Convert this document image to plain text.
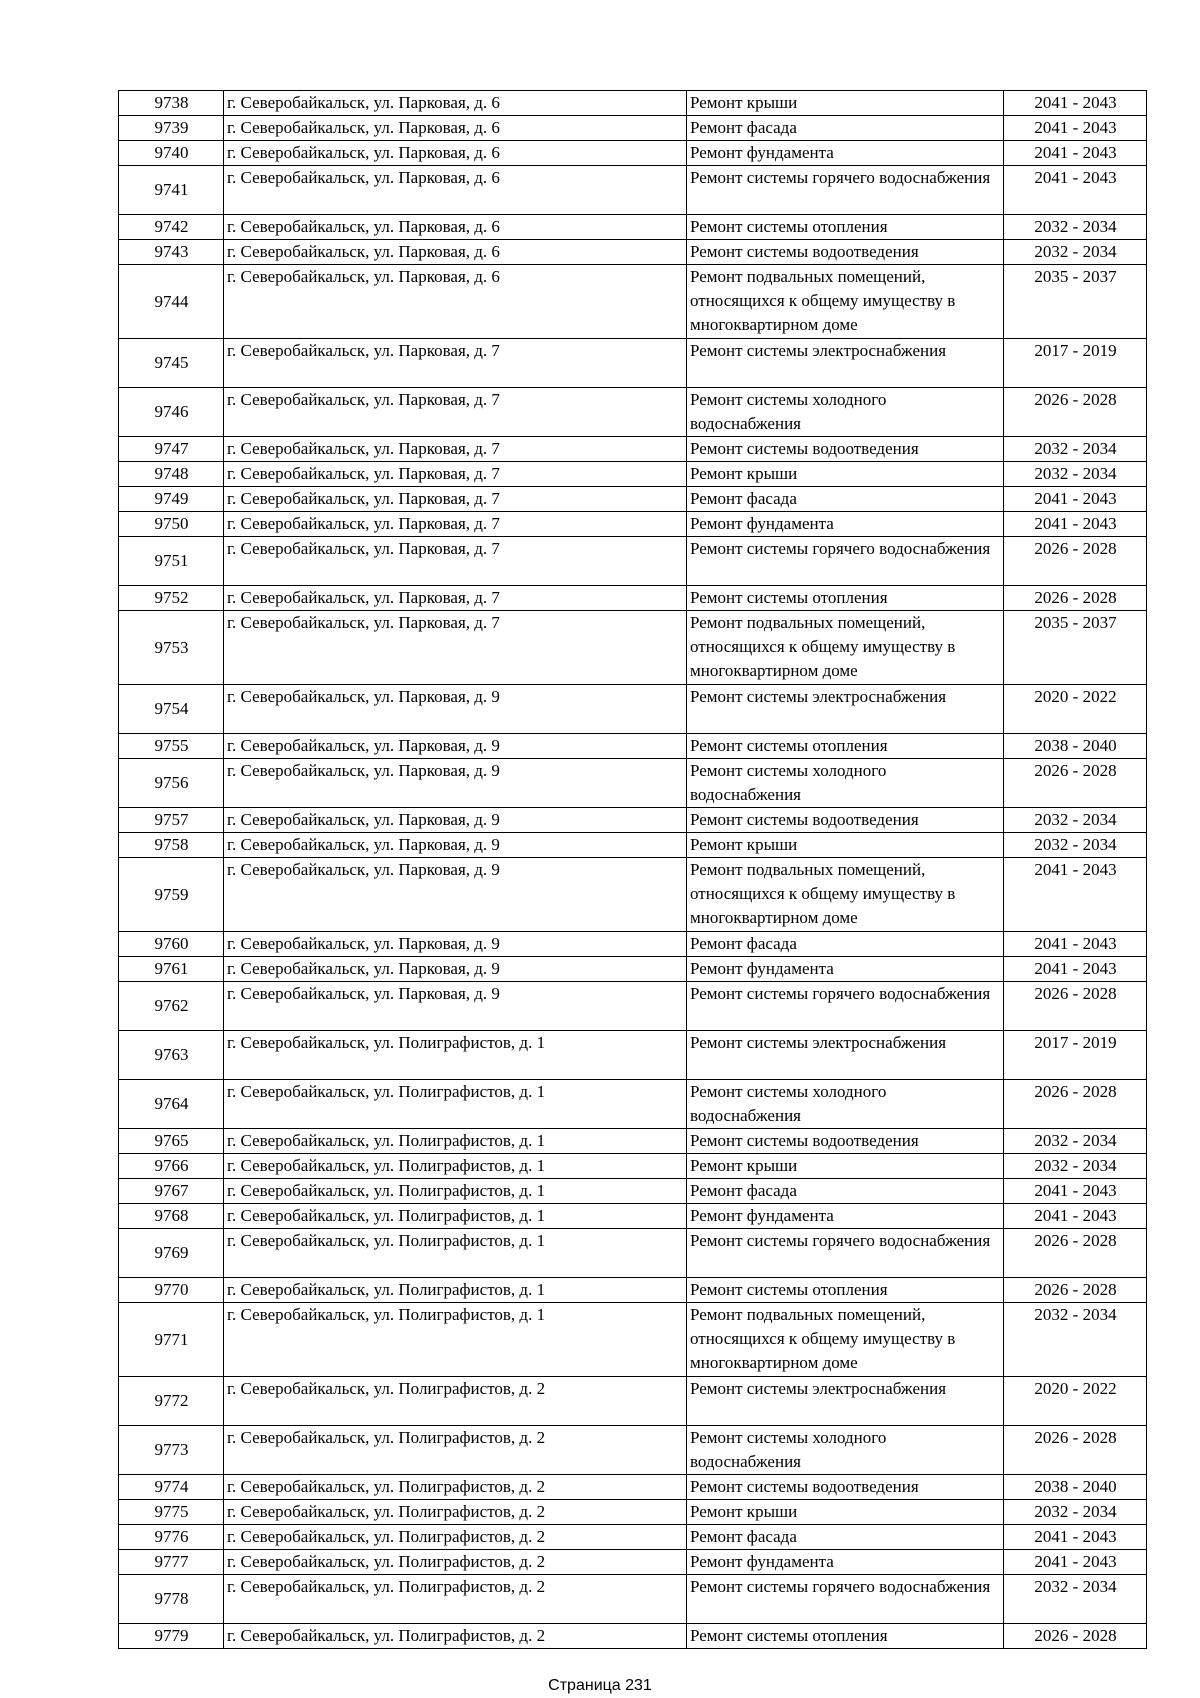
9738	г. Северобайкальск, ул. Парковая, д. 6	Ремонт крыши	2041 - 2043
9739	г. Северобайкальск, ул. Парковая, д. 6	Ремонт фасада	2041 - 2043
9740	г. Северобайкальск, ул. Парковая, д. 6	Ремонт фундамента	2041 - 2043
9741	г. Северобайкальск, ул. Парковая, д. 6	Ремонт системы горячего водоснабжения	2041 - 2043
9742	г. Северобайкальск, ул. Парковая, д. 6	Ремонт системы отопления	2032 - 2034
9743	г. Северобайкальск, ул. Парковая, д. 6	Ремонт системы водоотведения	2032 - 2034
9744	г. Северобайкальск, ул. Парковая, д. 6	Ремонт подвальных помещений, относящихся к общему имуществу в многоквартирном доме	2035 - 2037
9745	г. Северобайкальск, ул. Парковая, д. 7	Ремонт системы электроснабжения	2017 - 2019
9746	г. Северобайкальск, ул. Парковая, д. 7	Ремонт системы холодного водоснабжения	2026 - 2028
9747	г. Северобайкальск, ул. Парковая, д. 7	Ремонт системы водоотведения	2032 - 2034
9748	г. Северобайкальск, ул. Парковая, д. 7	Ремонт крыши	2032 - 2034
9749	г. Северобайкальск, ул. Парковая, д. 7	Ремонт фасада	2041 - 2043
9750	г. Северобайкальск, ул. Парковая, д. 7	Ремонт фундамента	2041 - 2043
9751	г. Северобайкальск, ул. Парковая, д. 7	Ремонт системы горячего водоснабжения	2026 - 2028
9752	г. Северобайкальск, ул. Парковая, д. 7	Ремонт системы отопления	2026 - 2028
9753	г. Северобайкальск, ул. Парковая, д. 7	Ремонт подвальных помещений, относящихся к общему имуществу в многоквартирном доме	2035 - 2037
9754	г. Северобайкальск, ул. Парковая, д. 9	Ремонт системы электроснабжения	2020 - 2022
9755	г. Северобайкальск, ул. Парковая, д. 9	Ремонт системы отопления	2038 - 2040
9756	г. Северобайкальск, ул. Парковая, д. 9	Ремонт системы холодного водоснабжения	2026 - 2028
9757	г. Северобайкальск, ул. Парковая, д. 9	Ремонт системы водоотведения	2032 - 2034
9758	г. Северобайкальск, ул. Парковая, д. 9	Ремонт крыши	2032 - 2034
9759	г. Северобайкальск, ул. Парковая, д. 9	Ремонт подвальных помещений, относящихся к общему имуществу в многоквартирном доме	2041 - 2043
9760	г. Северобайкальск, ул. Парковая, д. 9	Ремонт фасада	2041 - 2043
9761	г. Северобайкальск, ул. Парковая, д. 9	Ремонт фундамента	2041 - 2043
9762	г. Северобайкальск, ул. Парковая, д. 9	Ремонт системы горячего водоснабжения	2026 - 2028
9763	г. Северобайкальск, ул. Полиграфистов, д. 1	Ремонт системы электроснабжения	2017 - 2019
9764	г. Северобайкальск, ул. Полиграфистов, д. 1	Ремонт системы холодного водоснабжения	2026 - 2028
9765	г. Северобайкальск, ул. Полиграфистов, д. 1	Ремонт системы водоотведения	2032 - 2034
9766	г. Северобайкальск, ул. Полиграфистов, д. 1	Ремонт крыши	2032 - 2034
9767	г. Северобайкальск, ул. Полиграфистов, д. 1	Ремонт фасада	2041 - 2043
9768	г. Северобайкальск, ул. Полиграфистов, д. 1	Ремонт фундамента	2041 - 2043
9769	г. Северобайкальск, ул. Полиграфистов, д. 1	Ремонт системы горячего водоснабжения	2026 - 2028
9770	г. Северобайкальск, ул. Полиграфистов, д. 1	Ремонт системы отопления	2026 - 2028
9771	г. Северобайкальск, ул. Полиграфистов, д. 1	Ремонт подвальных помещений, относящихся к общему имуществу в многоквартирном доме	2032 - 2034
9772	г. Северобайкальск, ул. Полиграфистов, д. 2	Ремонт системы электроснабжения	2020 - 2022
9773	г. Северобайкальск, ул. Полиграфистов, д. 2	Ремонт системы холодного водоснабжения	2026 - 2028
9774	г. Северобайкальск, ул. Полиграфистов, д. 2	Ремонт системы водоотведения	2038 - 2040
9775	г. Северобайкальск, ул. Полиграфистов, д. 2	Ремонт крыши	2032 - 2034
9776	г. Северобайкальск, ул. Полиграфистов, д. 2	Ремонт фасада	2041 - 2043
9777	г. Северобайкальск, ул. Полиграфистов, д. 2	Ремонт фундамента	2041 - 2043
9778	г. Северобайкальск, ул. Полиграфистов, д. 2	Ремонт системы горячего водоснабжения	2032 - 2034
9779	г. Северобайкальск, ул. Полиграфистов, д. 2	Ремонт системы отопления	2026 - 2028
Страница 231
